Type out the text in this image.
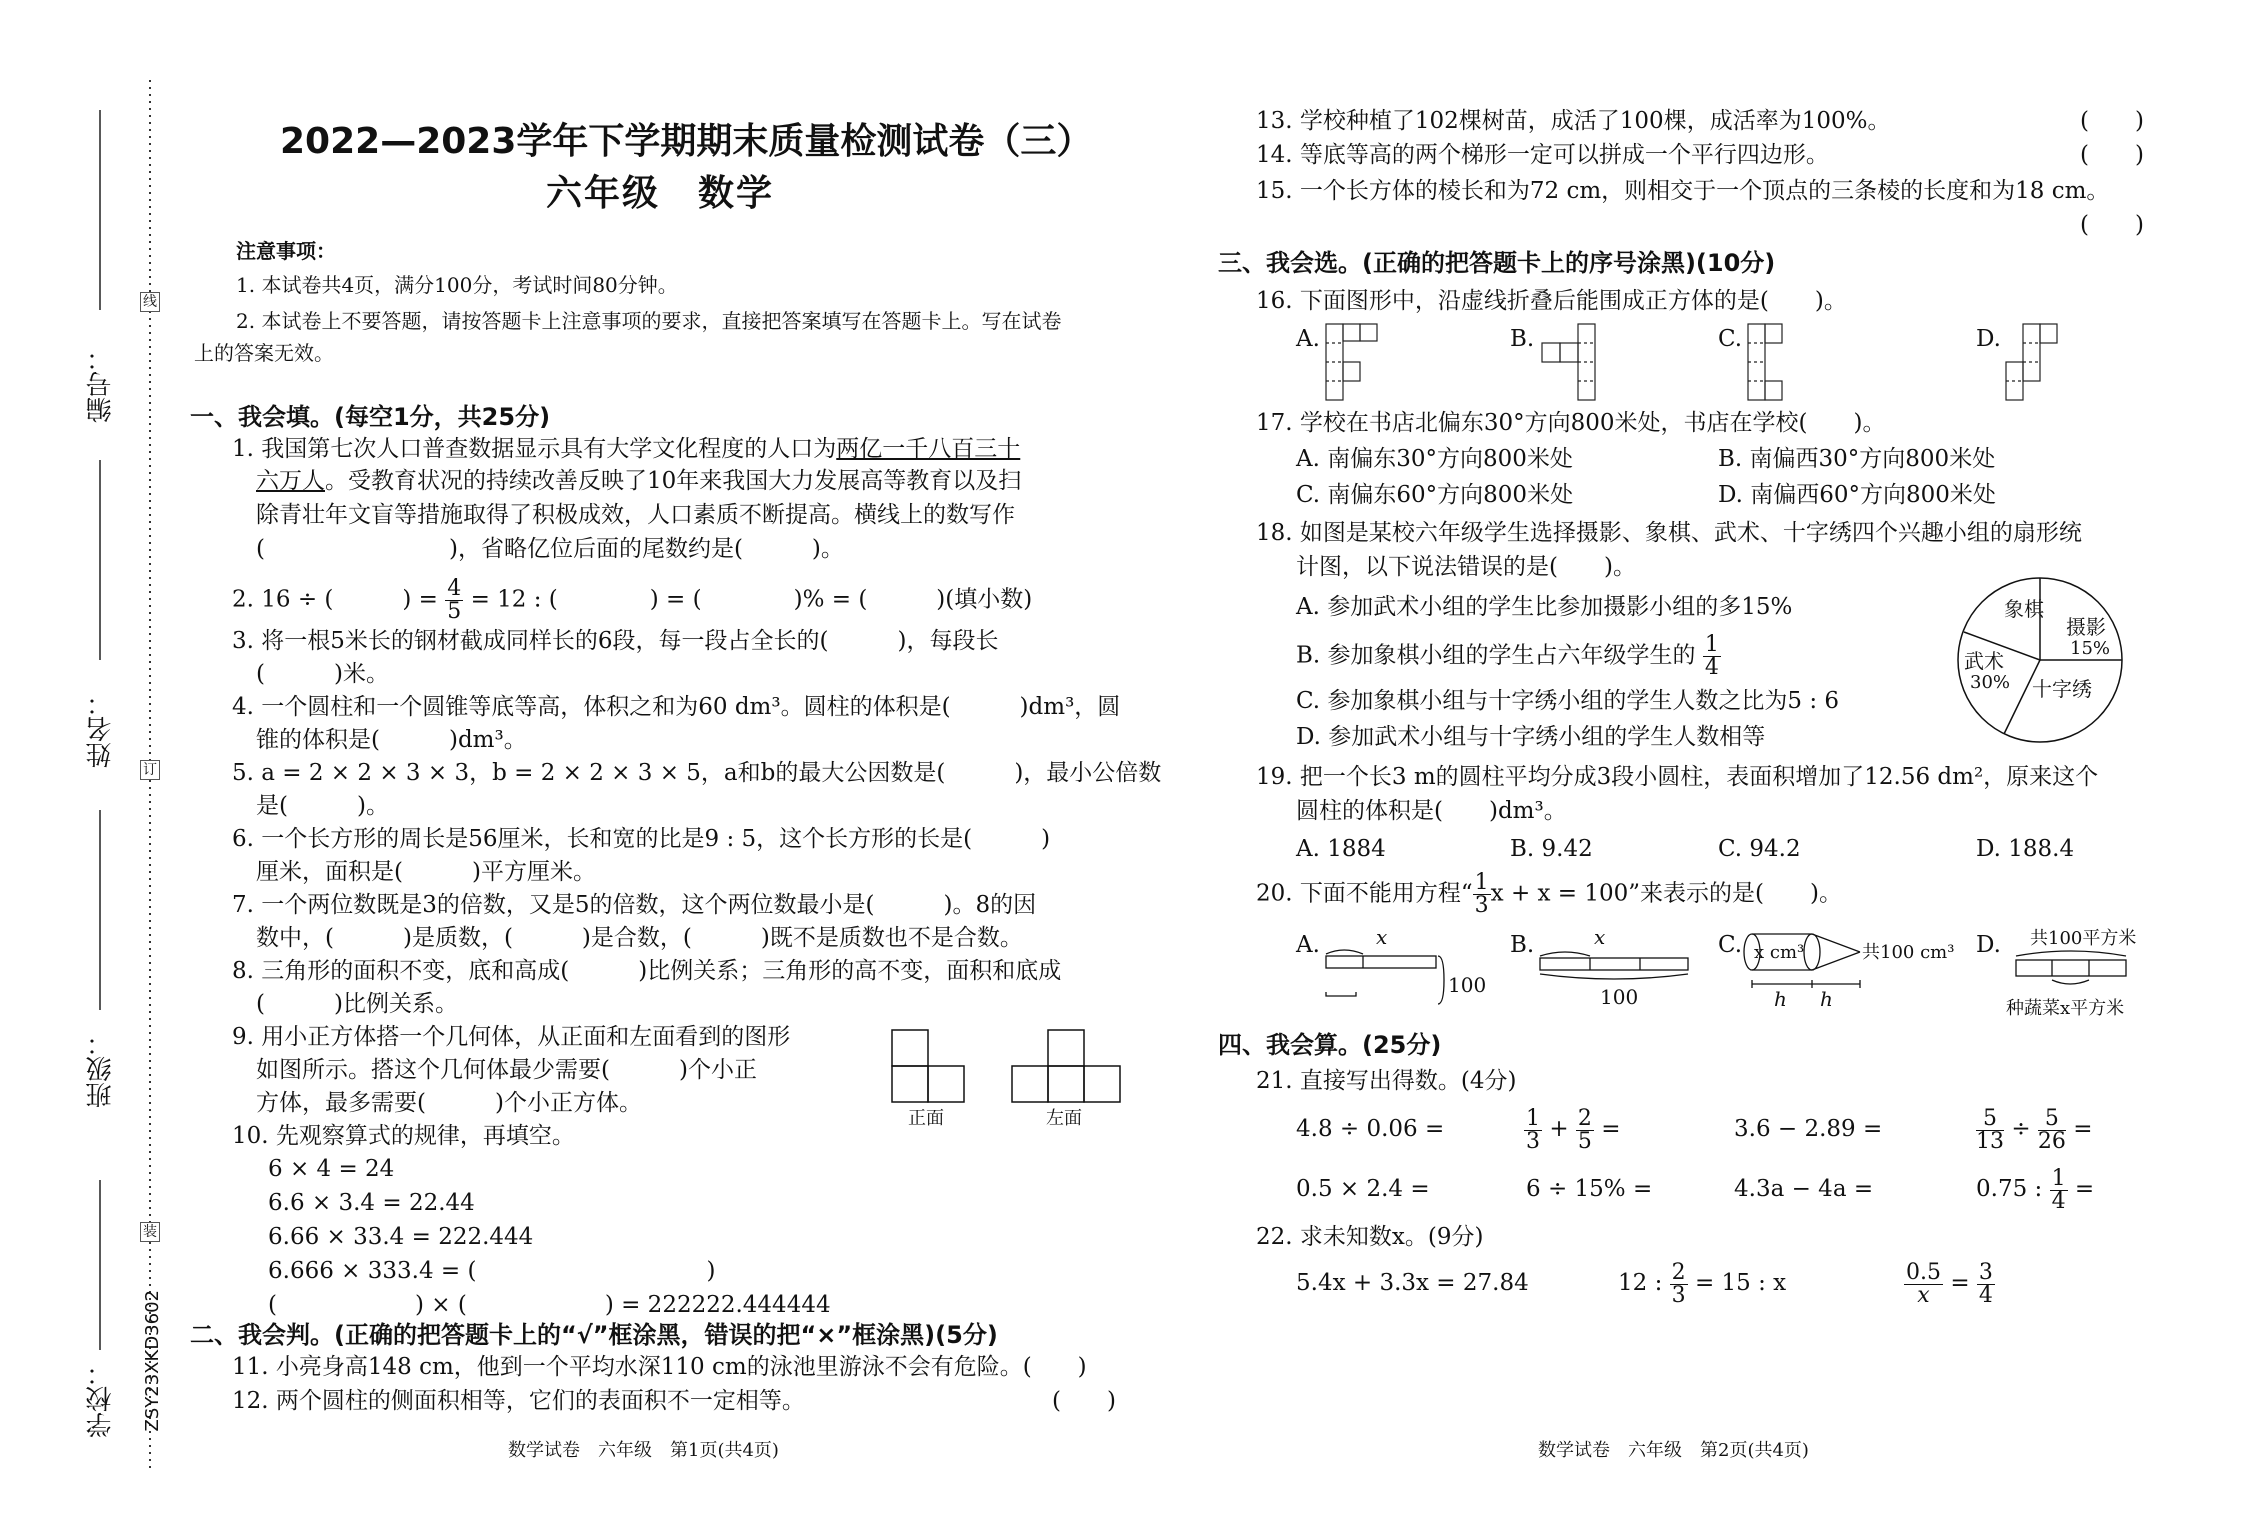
线
订
装
编号：
姓名：
班级：
学校： ZSY23XKD3602
2022—2023学年下学期期末质量检测试卷（三）
六年级　数学
注意事项：
1. 本试卷共4页，满分100分，考试时间80分钟。
2. 本试卷上不要答题，请按答题卡上注意事项的要求，直接把答案填写在答题卡上。写在试卷
上的答案无效。
一、我会填。(每空1分，共25分)
1. 我国第七次人口普查数据显示具有大学文化程度的人口为两亿一千八百三十
六万人。受教育状况的持续改善反映了10年来我国大力发展高等教育以及扫
除青壮年文盲等措施取得了积极成效，人口素质不断提高。横线上的数写作
(　　　　　　　　)，省略亿位后面的尾数约是(　　　)。
2. 16 ÷ (　　　) = $\frac{4}{5} = 12$ : (　　　　) = (　　　　)% = (　　　)(填小数)
3. 将一根5米长的钢材截成同样长的6段，每一段占全长的(　　　)，每段长
(　　　)米。
4. 一个圆柱和一个圆锥等底等高，体积之和为60 dm³。圆柱的体积是(　　　)dm³，圆
锥的体积是(　　　)dm³。
5. a = 2 × 2 × 3 × 3，b = 2 × 2 × 3 × 5，a和b的最大公因数是(　　　)，最小公倍数
是(　　　)。
6. 一个长方形的周长是56厘米，长和宽的比是9 : 5，这个长方形的长是(　　　)
厘米，面积是(　　　)平方厘米。
7. 一个两位数既是3的倍数，又是5的倍数，这个两位数最小是(　　　)。8的因
数中，(　　　)是质数，(　　　)是合数，(　　　)既不是质数也不是合数。
8. 三角形的面积不变，底和高成(　　　)比例关系；三角形的高不变，面积和底成
(　　　)比例关系。
9. 用小正方体搭一个几何体，从正面和左面看到的图形
如图所示。搭这个几何体最少需要(　　　)个小正
方体，最多需要(　　　)个小正方体。
正面	左面
10. 先观察算式的规律，再填空。
6 × 4 = 24
6.6 × 3.4 = 22.44
6.66 × 33.4 = 222.444
6.666 × 333.4 = (　　　　　　　　　　)
(　　　　　　) × (　　　　　　) = 222222.444444
二、我会判。(正确的把答题卡上的“√”框涂黑，错误的把“×”框涂黑)(5分)
11. 小亮身高148 cm，他到一个平均水深110 cm的泳池里游泳不会有危险。(　　)
12. 两个圆柱的侧面积相等，它们的表面积不一定相等。	(　　)
数学试卷　六年级　第1页(共4页)
13. 学校种植了102棵树苗，成活了100棵，成活率为100%。	(　　)
14. 等底等高的两个梯形一定可以拼成一个平行四边形。	(　　)
15. 一个长方体的棱长和为72 cm，则相交于一个顶点的三条棱的长度和为18 cm。
(　　)
三、我会选。(正确的把答题卡上的序号涂黑)(10分)
16. 下面图形中，沿虚线折叠后能围成正方体的是(　　)。
A.	B.	C.	D.
17. 学校在书店北偏东30°方向800米处，书店在学校(　　)。
A. 南偏东30°方向800米处	B. 南偏西30°方向800米处
C. 南偏东60°方向800米处	D. 南偏西60°方向800米处
18. 如图是某校六年级学生选择摄影、象棋、武术、十字绣四个兴趣小组的扇形统
计图，以下说法错误的是(　　)。
A. 参加武术小组的学生比参加摄影小组的多15%
B. 参加象棋小组的学生占六年级学生的 $\frac{1}{4}$
C. 参加象棋小组与十字绣小组的学生人数之比为5 : 6
D. 参加武术小组与十字绣小组的学生人数相等
象棋
摄影
15%
武术
30% 十字绣
19. 把一个长3 m的圆柱平均分成3段小圆柱，表面积增加了12.56 dm²，原来这个
圆柱的体积是(　　)dm³。
A. 1884	B. 9.42	C. 94.2	D. 188.4
20. 下面不能用方程“ $\frac{1}{3}$ x + x = 100”来表示的是(　　)。
A.	x
100
B.	x
100
C. x cm³	共100 cm³
h h
D. 共100平方米
种蔬菜x平方米
四、我会算。(25分)
21. 直接写出得数。(4分)
4.8 ÷ 0.06 =	$\frac{1}{3} + \frac{2}{5}$ =	3.6 − 2.89 =	$\frac{5}{13} \div \frac{5}{26}$ =
0.5 × 2.4 =	6 ÷ 15% =	4.3a − 4a =	0.75 : $\frac{1}{4}$ =
22. 求未知数x。(9分)
5.4x + 3.3x = 27.84	12 : $\frac{2}{3} = 15$ : x	$\frac{0.5}{x} = \frac{3}{4}$
数学试卷　六年级　第2页(共4页)
